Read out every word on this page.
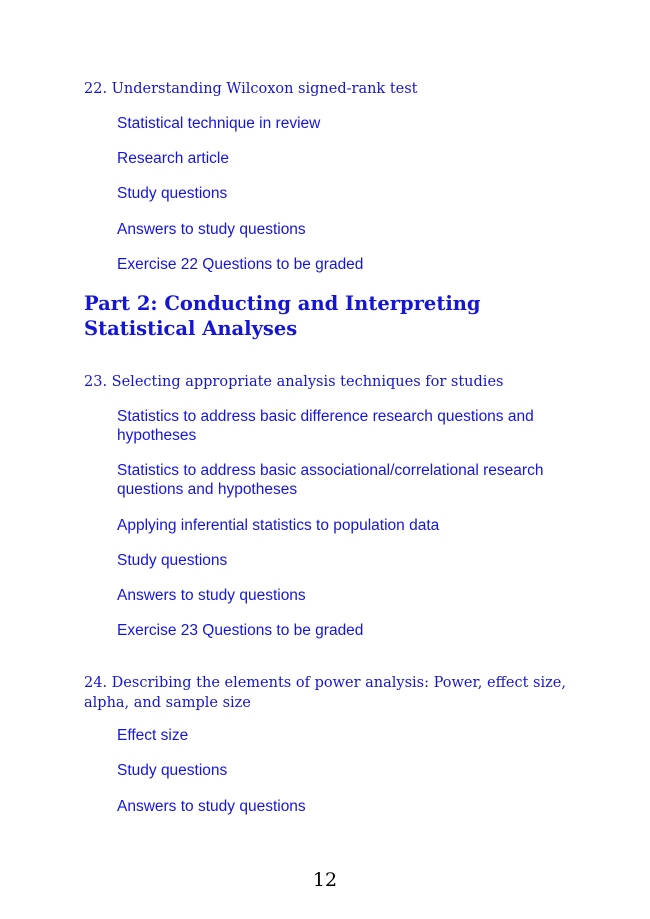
22. Understanding Wilcoxon signed-rank test
Statistical technique in review
Research article
Study questions
Answers to study questions
Exercise 22 Questions to be graded
Part 2: Conducting and Interpreting Statistical Analyses
23. Selecting appropriate analysis techniques for studies
Statistics to address basic difference research questions and hypotheses
Statistics to address basic associational/correlational research questions and hypotheses
Applying inferential statistics to population data
Study questions
Answers to study questions
Exercise 23 Questions to be graded
24. Describing the elements of power analysis: Power, effect size, alpha, and sample size
Effect size
Study questions
Answers to study questions
12
